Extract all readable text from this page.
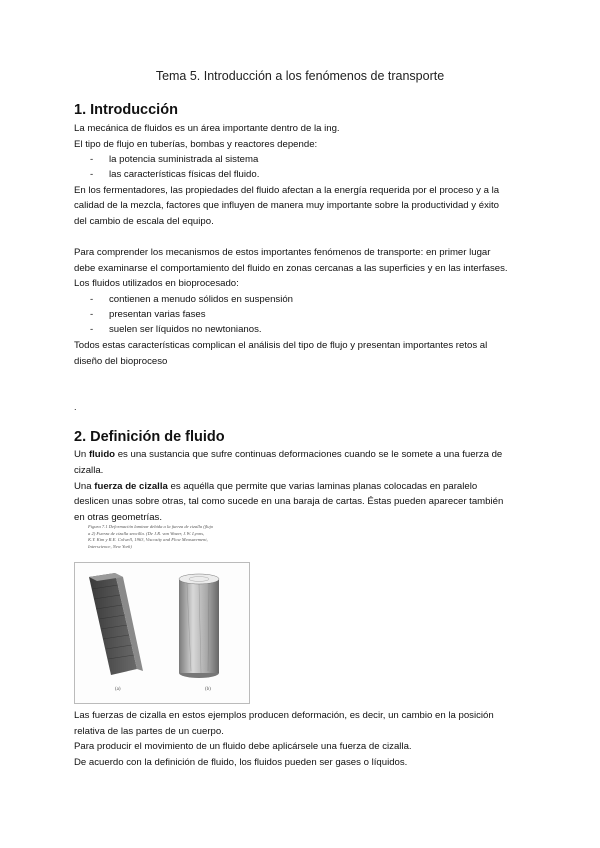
Tema 5. Introducción a los fenómenos de transporte
1. Introducción

La mecánica de fluidos es un área importante dentro de la ing.

El tipo de flujo en tuberías, bombas y reactores depende:

- la potencia suministrada al sistema
- las características físicas del fluido.

En los fermentadores, las propiedades del fluido afectan a la energía requerida por el proceso y a la

calidad de la mezcla, factores que influyen de manera muy importante sobre la productividad y éxito

del cambio de escala del equipo.

Para comprender los mecanismos de estos importantes fenómenos de transporte: en primer lugar

debe examinarse el comportamiento del fluido en zonas cercanas a las superficies y en las interfases.

Los fluidos utilizados en bioprocesado:

- contienen a menudo sólidos en suspensión
- presentan varias fases
- suelen ser líquidos no newtonianos.

Todos estas características complican el análisis del tipo de flujo y presentan importantes retos al

diseño del bioproceso

.
2. Definición de fluido

Un fluido es una sustancia que sufre continuas deformaciones cuando se le somete a una fuerza de

cizalla.

Una fuerza de cizalla es aquélla que permite que varias laminas planas colocadas en paralelo

deslicen unas sobre otras, tal como sucede en una baraja de cartas. Éstas pueden aparecer también

en otras geometrías.

Figura 7.1 Deformación laminar debida a la fuerza de cizalla (flujo
a 2) Fuerza de cizalla sencilla. (De J.R. van Wazer, J.W. Lyons,
K.Y. Kim y R.E. Colwell, 1963, Viscosity and Flow Measurement,
Interscience, New York)
(a)	(b)

Las fuerzas de cizalla en estos ejemplos producen deformación, es decir, un cambio en la posición

relativa de las partes de un cuerpo.

Para producir el movimiento de un fluido debe aplicársele una fuerza de cizalla.

De acuerdo con la definición de fluido, los fluidos pueden ser gases o líquidos.
